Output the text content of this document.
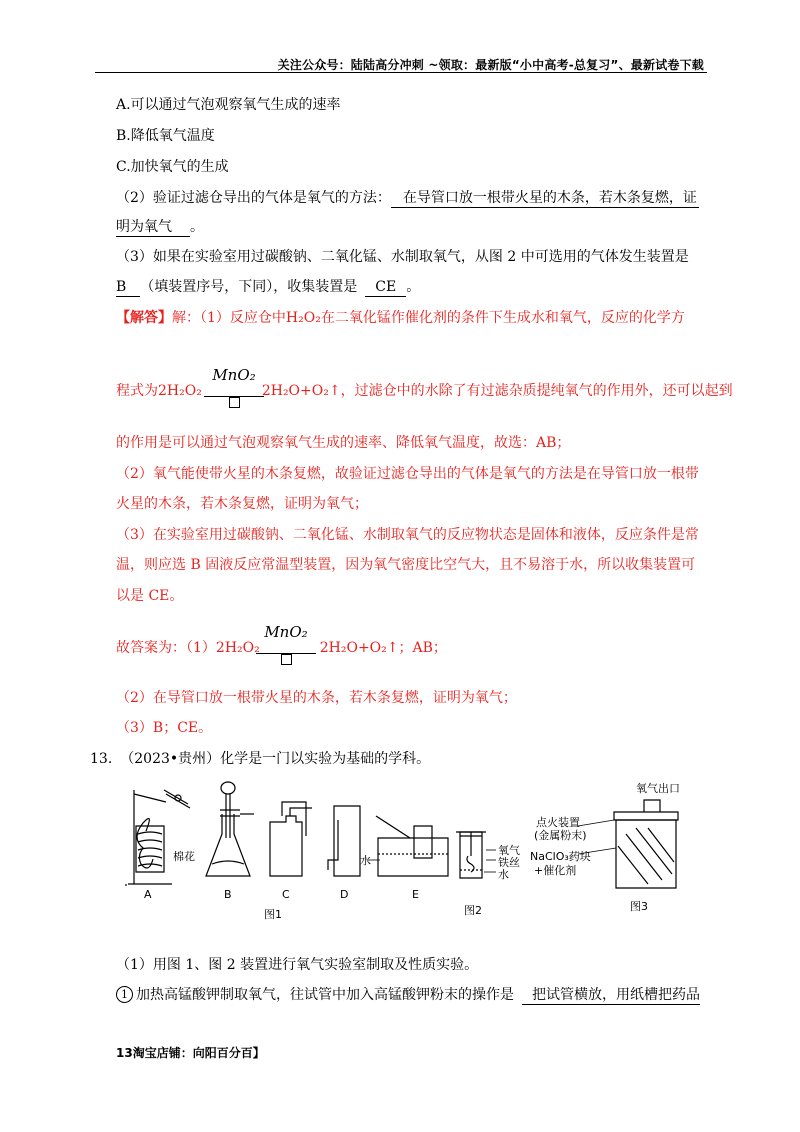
关注公众号：陆陆高分冲刺 ~领取：最新版“小中高考-总复习”、最新试卷下载
A.可以通过气泡观察氧气生成的速率
B.降低氧气温度
C.加快氧气的生成
（2）验证过滤仓导出的气体是氧气的方法： 在导管口放一根带火星的木条，若木条复燃，证
明为氧气 。
（3）如果在实验室用过碳酸钠、二氧化锰、水制取氧气，从图 2 中可选用的气体发生装置是
B （填装置序号，下同），收集装置是 CE 。
【解答】解：（1）反应仓中H₂O₂在二氧化锰作催化剂的条件下生成水和氧气，反应的化学方
程式为2H₂O₂	2H₂O+O₂↑，过滤仓中的水除了有过滤杂质提纯氧气的作用外，还可以起到
MnO₂
的作用是可以通过气泡观察氧气生成的速率、降低氧气温度，故选：AB；
（2）氧气能使带火星的木条复燃，故验证过滤仓导出的气体是氧气的方法是在导管口放一根带
火星的木条，若木条复燃，证明为氧气；
（3）在实验室用过碳酸钠、二氧化锰、水制取氧气的反应物状态是固体和液体，反应条件是常
温，则应选 B 固液反应常温型装置，因为氧气密度比空气大，且不易溶于水，所以收集装置可
以是 CE。
故答案为：（1）2H₂O₂	2H₂O+O₂↑；AB；
MnO₂
（2）在导管口放一根带火星的木条，若木条复燃，证明为氧气；
（3）B；CE。
13. （2023•贵州）化学是一门以实验为基础的学科。
棉花
A	B	C	D	E
水
图1
氧气
铁丝
水
图2
氧气出口
点火装置
(金属粉末)
NaClO₃药块
+催化剂
图3
（1）用图 1、图 2 装置进行氧气实验室制取及性质实验。
1 加热高锰酸钾制取氧气，往试管中加入高锰酸钾粉末的操作是 把试管横放，用纸槽把药品
13淘宝店铺：向阳百分百】
